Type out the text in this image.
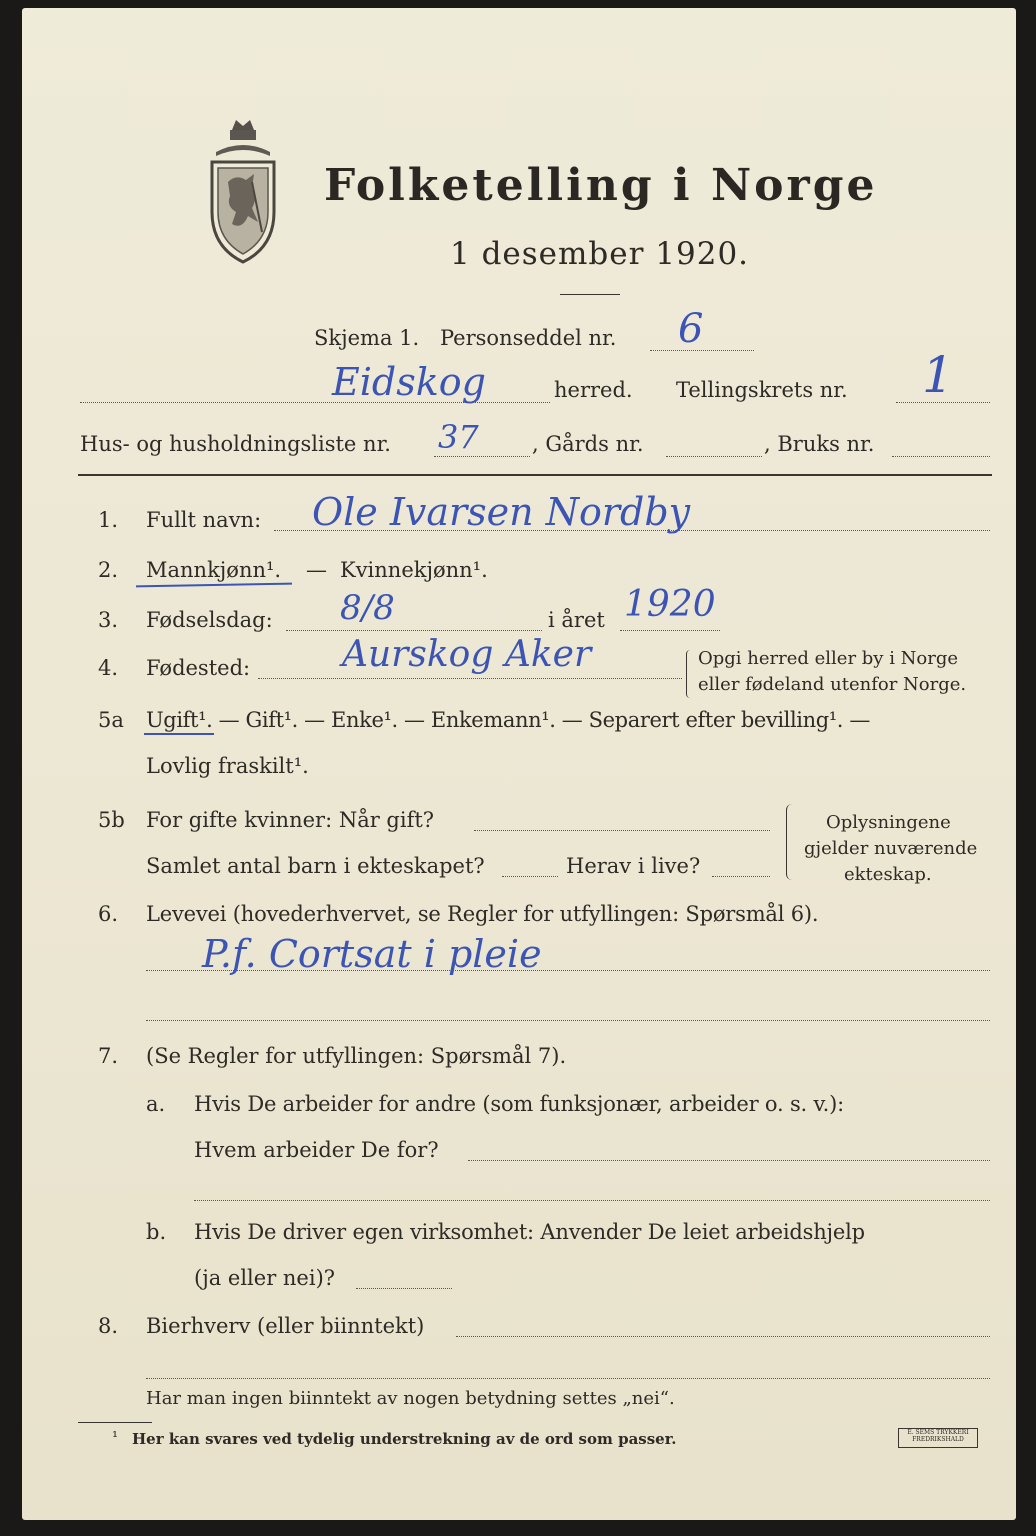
Folketelling i Norge
1 desember 1920.
Skjema 1. Personseddel nr. 6
Eidskog	herred. Tellingskrets nr. 1
Hus- og husholdningsliste nr. 37	, Gårds nr.	, Bruks nr.
1. Fullt navn: Ole Ivarsen Nordby
2. Mannkjønn¹. — Kvinnekjønn¹.
3. Fødselsdag: 8/8	i året 1920
4. Fødested:	Aurskog Aker	Opgi herred eller by i Norge
eller fødeland utenfor Norge.
5a Ugift¹. — Gift¹. — Enke¹. — Enkemann¹. — Separert efter bevilling¹. —
Lovlig fraskilt¹.
5b For gifte kvinner: Når gift?
Samlet antal barn i ekteskapet?	Herav i live?
Oplysningene
gjelder nuværende
ekteskap.
6. Levevei (hovederhvervet, se Regler for utfyllingen: Spørsmål 6).
P.f. Cortsat i pleie
7. (Se Regler for utfyllingen: Spørsmål 7).
a. Hvis De arbeider for andre (som funksjonær, arbeider o. s. v.):
Hvem arbeider De for?
b. Hvis De driver egen virksomhet: Anvender De leiet arbeidshjelp
(ja eller nei)?
8. Bierhverv (eller biinntekt)
Har man ingen biinntekt av nogen betydning settes „nei“.
¹ Her kan svares ved tydelig understrekning av de ord som passer.	E. SEMS TRYKKERI
FREDRIKSHALD
